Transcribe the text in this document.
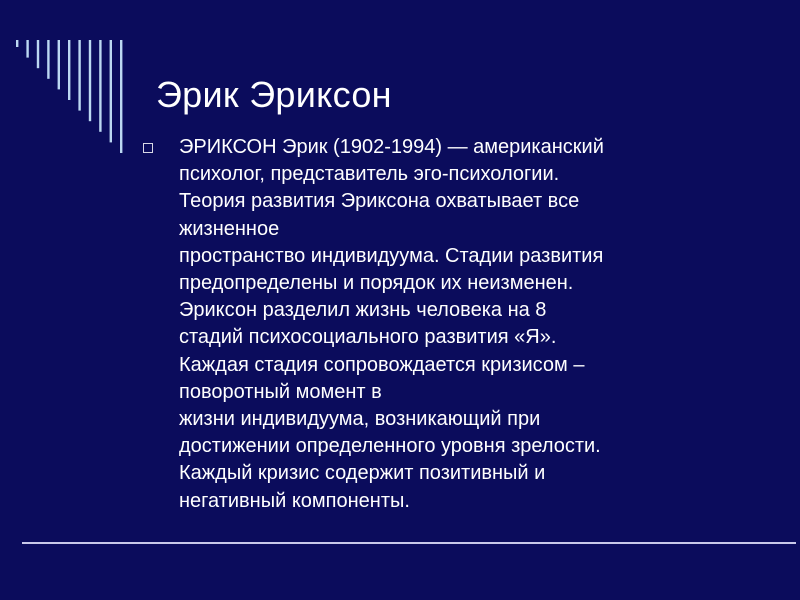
Эрик Эриксон
ЭРИКСОН Эрик (1902-1994) — американский
психолог, представитель эго-психологии.
Теория развития Эриксона охватывает все
жизненное
пространство индивидуума. Стадии развития
предопределены и порядок их неизменен.
Эриксон разделил жизнь человека на 8
стадий психосоциального развития «Я».
Каждая стадия сопровождается кризисом –
поворотный момент в
жизни индивидуума, возникающий при
достижении определенного уровня зрелости.
Каждый кризис содержит позитивный и
негативный компоненты.
